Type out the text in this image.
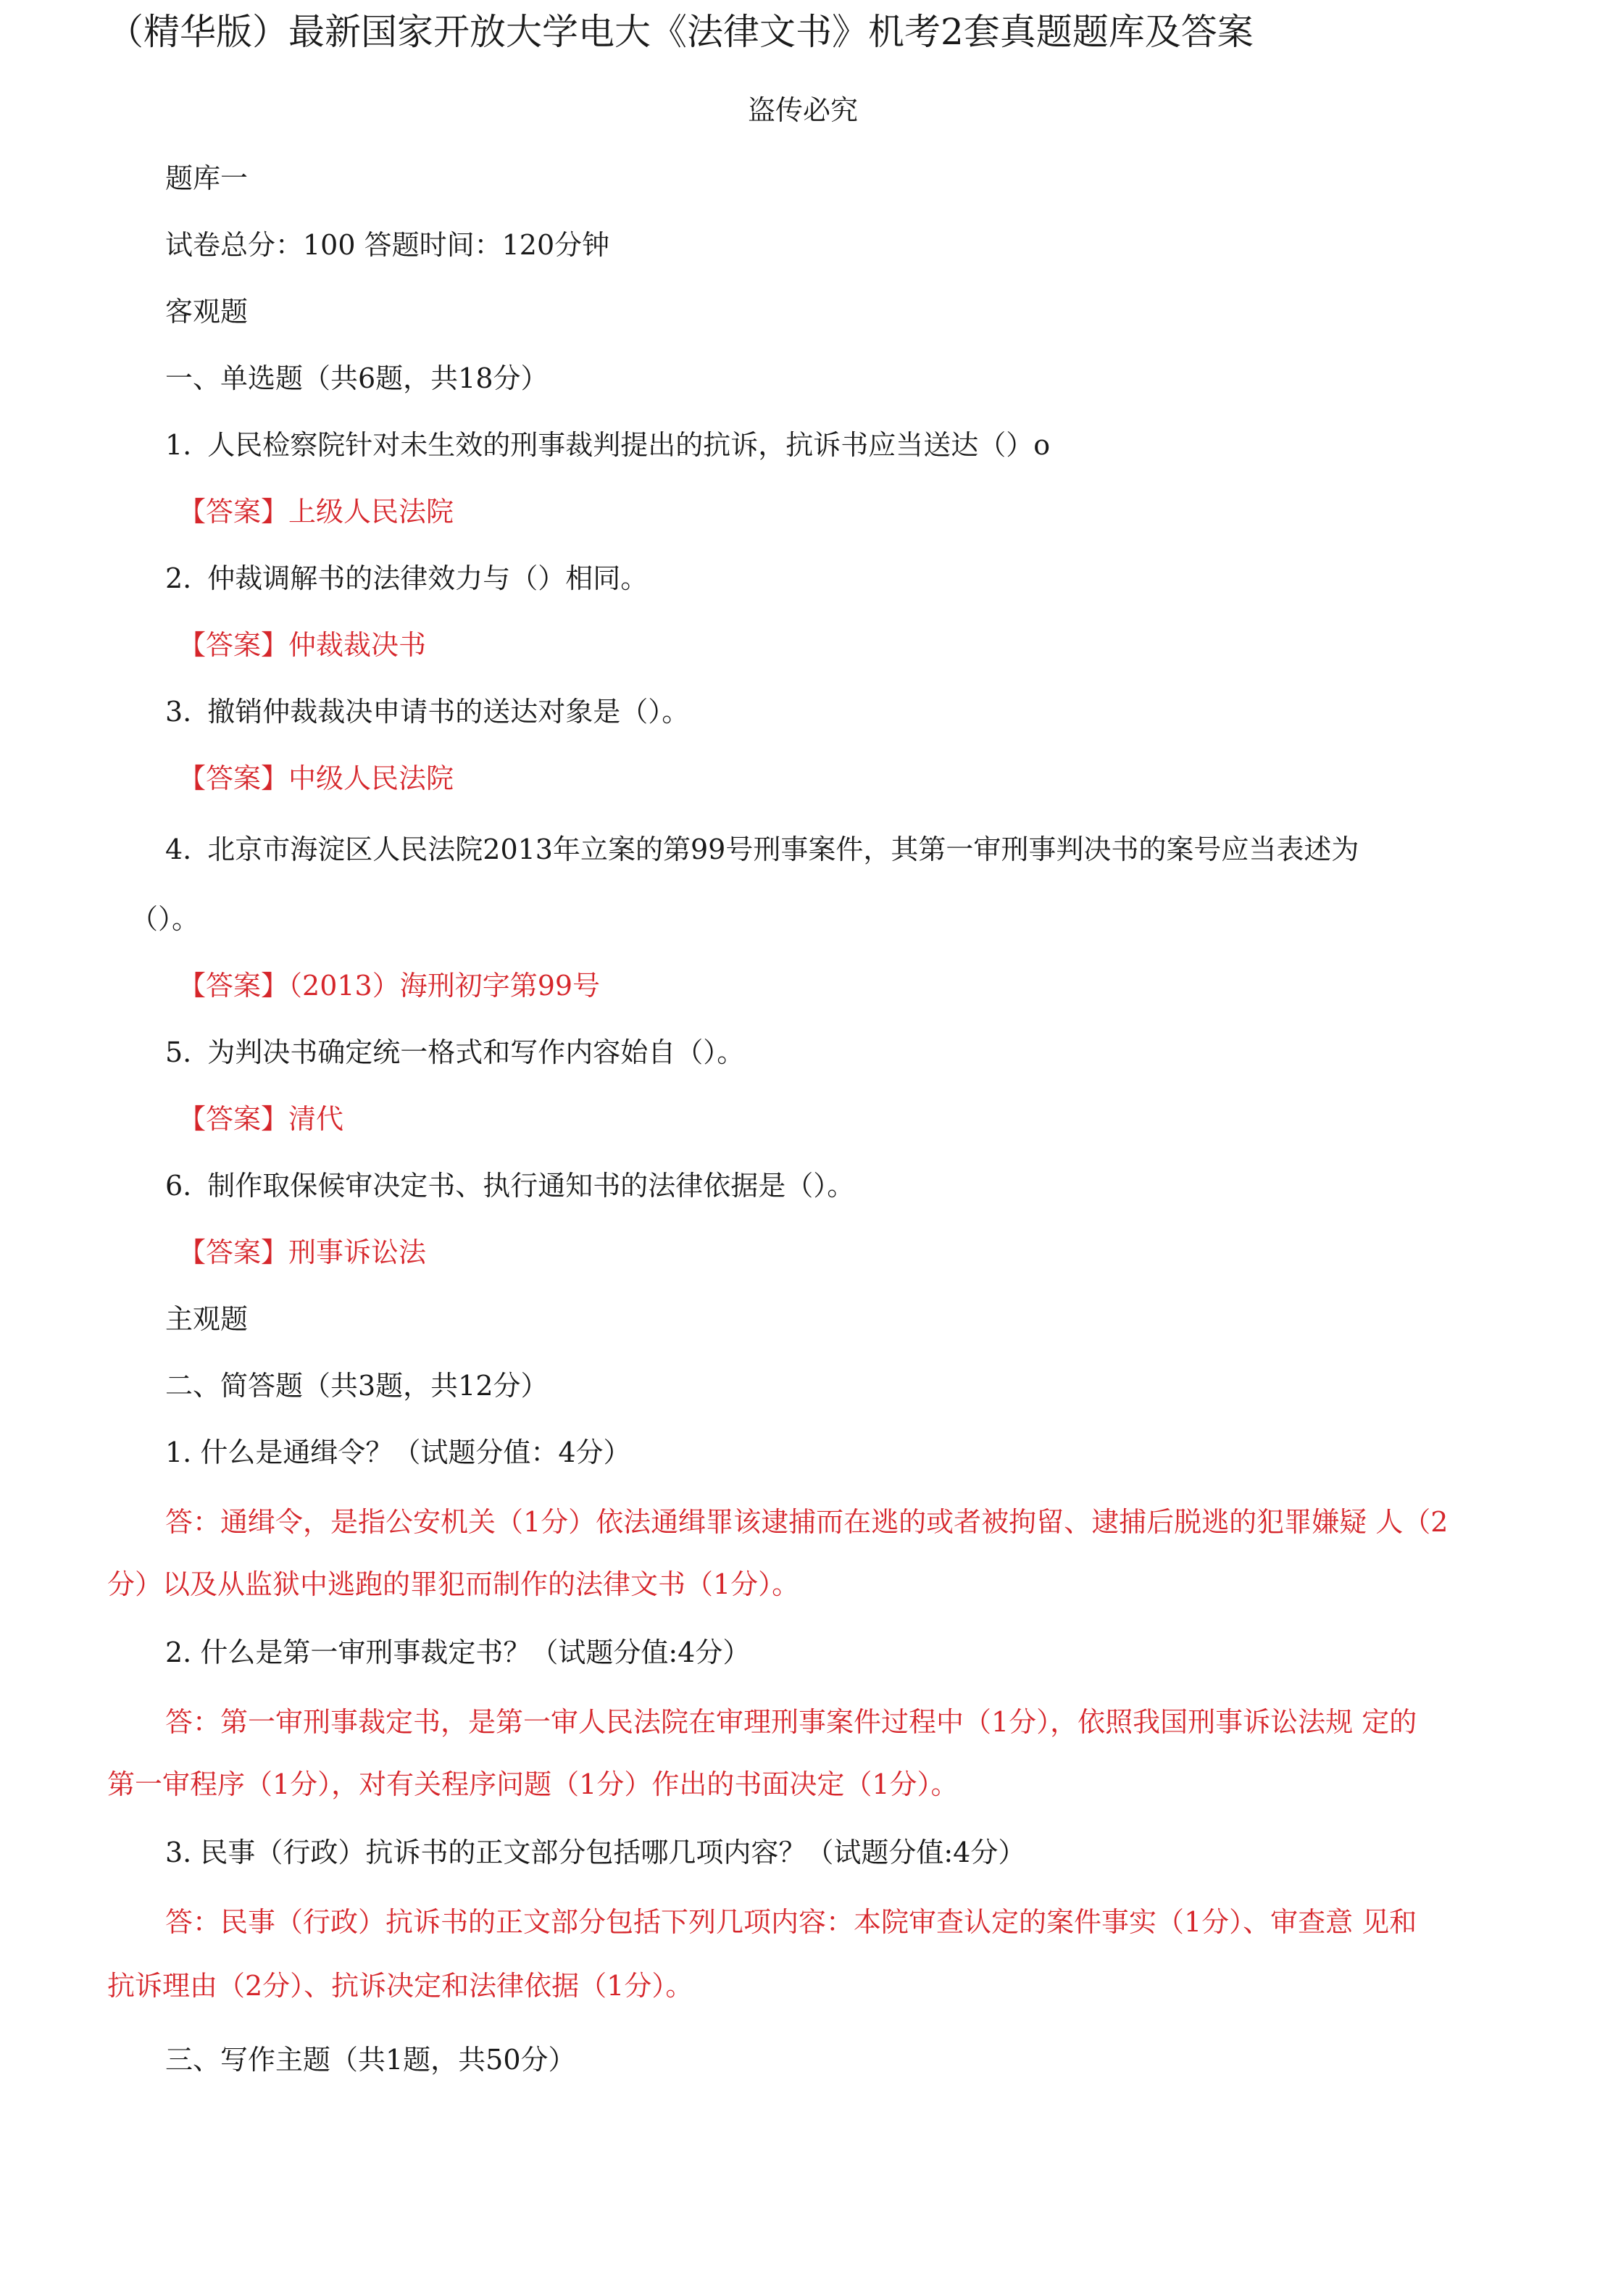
（精华版）最新国家开放大学电大《法律文书》机考2套真题题库及答案
盗传必究
题库一
试卷总分：100 答题时间：120分钟
客观题
一、单选题（共6题，共18分）
1. 人民检察院针对未生效的刑事裁判提出的抗诉，抗诉书应当送达（）o
【答案】上级人民法院
2. 仲裁调解书的法律效力与（）相同。
【答案】仲裁裁决书
3. 撤销仲裁裁决申请书的送达对象是（）。
【答案】中级人民法院
4. 北京市海淀区人民法院2013年立案的第99号刑事案件，其第一审刑事判决书的案号应当表述为
（）。
【答案】（2013）海刑初字第99号
5. 为判决书确定统一格式和写作内容始自（）。
【答案】清代
6. 制作取保候审决定书、执行通知书的法律依据是（）。
【答案】刑事诉讼法
主观题
二、简答题（共3题，共12分）
1. 什么是通缉令？（试题分值：4分）
答：通缉令，是指公安机关（1分）依法通缉罪该逮捕而在逃的或者被拘留、逮捕后脱逃的犯罪嫌疑 人（2
分）以及从监狱中逃跑的罪犯而制作的法律文书（1分）。
2. 什么是第一审刑事裁定书？（试题分值:4分）
答：第一审刑事裁定书，是第一审人民法院在审理刑事案件过程中（1分），依照我国刑事诉讼法规 定的
第一审程序（1分），对有关程序问题（1分）作出的书面决定（1分）。
3. 民事（行政）抗诉书的正文部分包括哪几项内容？（试题分值:4分）
答：民事（行政）抗诉书的正文部分包括下列几项内容：本院审查认定的案件事实（1分）、审查意 见和
抗诉理由（2分）、抗诉决定和法律依据（1分）。
三、写作主题（共1题，共50分）
